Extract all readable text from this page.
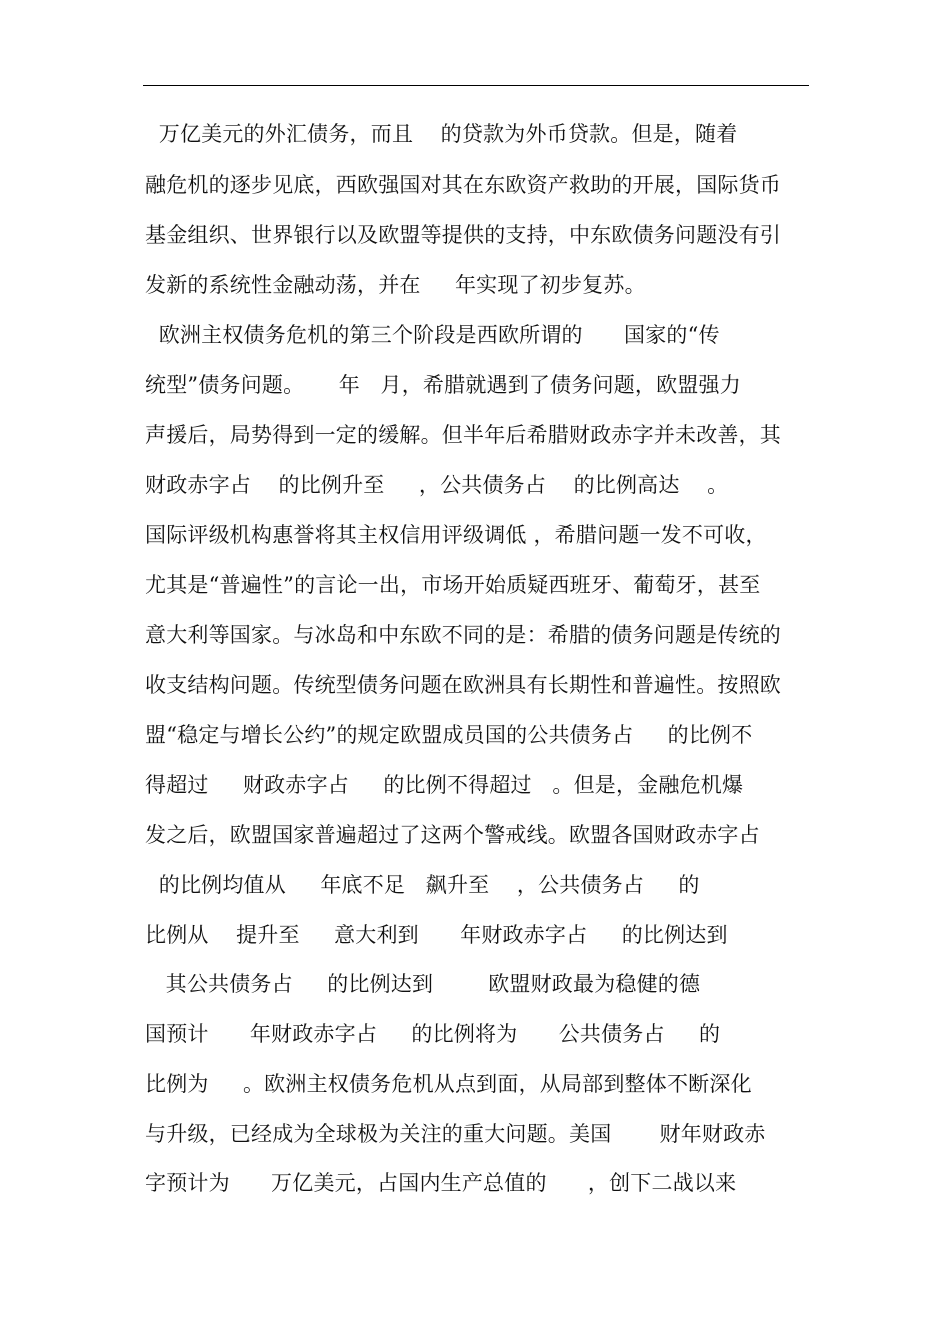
万亿美元的外汇债务，而且    的贷款为外币贷款。但是，随着
融危机的逐步见底，西欧强国对其在东欧资产救助的开展，国际货币
基金组织、世界银行以及欧盟等提供的支持，中东欧债务问题没有引
发新的系统性金融动荡，并在     年实现了初步复苏。
欧洲主权债务危机的第三个阶段是西欧所谓的      国家的“传
统型”债务问题。     年   月，希腊就遇到了债务问题，欧盟强力
声援后，局势得到一定的缓解。但半年后希腊财政赤字并未改善，其
财政赤字占    的比例升至     ，公共债务占    的比例高达    。
国际评级机构惠誉将其主权信用评级调低 ，希腊问题一发不可收，
尤其是“普遍性”的言论一出，市场开始质疑西班牙、葡萄牙，甚至
意大利等国家。与冰岛和中东欧不同的是：希腊的债务问题是传统的
收支结构问题。传统型债务问题在欧洲具有长期性和普遍性。按照欧
盟“稳定与增长公约”的规定欧盟成员国的公共债务占     的比例不
得超过     财政赤字占     的比例不得超过   。但是，金融危机爆
发之后，欧盟国家普遍超过了这两个警戒线。欧盟各国财政赤字占
的比例均值从     年底不足   飙升至    ，公共债务占     的
比例从    提升至     意大利到      年财政赤字占     的比例达到
其公共债务占     的比例达到        欧盟财政最为稳健的德
国预计      年财政赤字占     的比例将为      公共债务占     的
比例为     。欧洲主权债务危机从点到面，从局部到整体不断深化
与升级，已经成为全球极为关注的重大问题。美国       财年财政赤
字预计为      万亿美元，占国内生产总值的      ，创下二战以来
